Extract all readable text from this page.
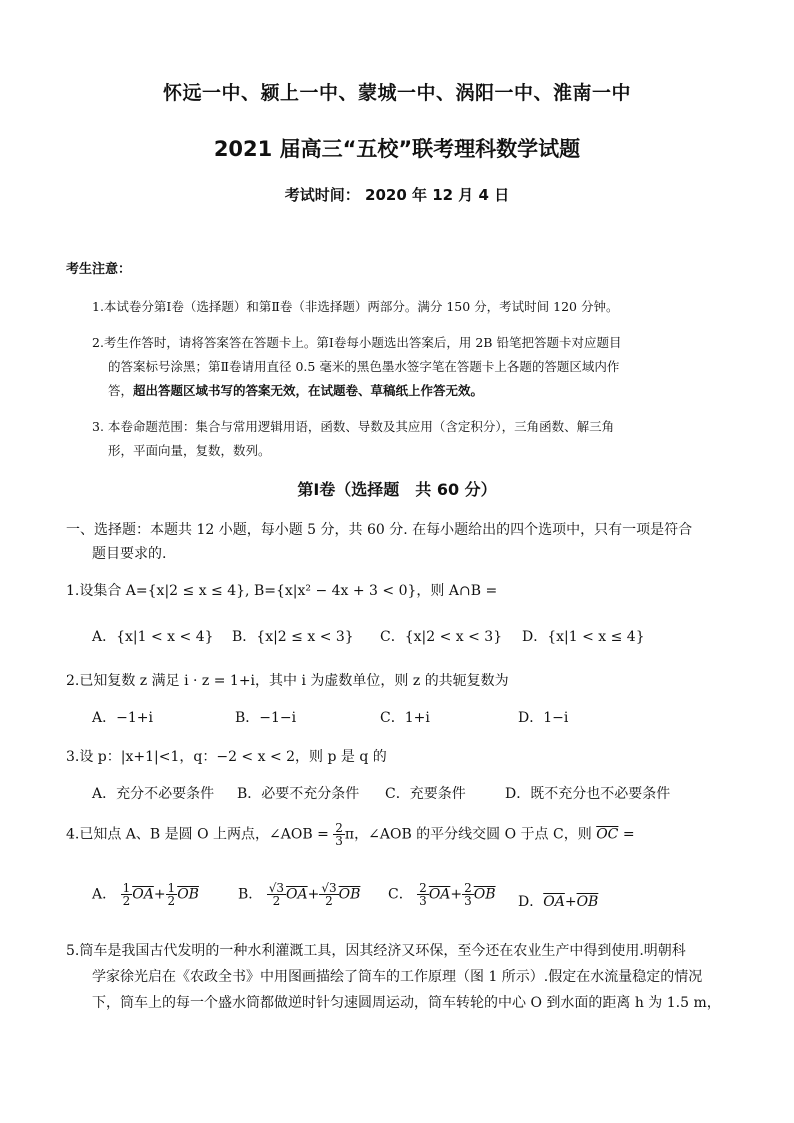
怀远一中、颍上一中、蒙城一中、涡阳一中、淮南一中
2021 届高三“五校”联考理科数学试题
考试时间： 2020 年 12 月 4 日
考生注意：
1.本试卷分第Ⅰ卷（选择题）和第Ⅱ卷（非选择题）两部分。满分 150 分，考试时间 120 分钟。
2.考生作答时，请将答案答在答题卡上。第Ⅰ卷每小题选出答案后，用 2B 铅笔把答题卡对应题目
的答案标号涂黑；第Ⅱ卷请用直径 0.5 毫米的黑色墨水签字笔在答题卡上各题的答题区域内作
答，超出答题区域书写的答案无效，在试题卷、草稿纸上作答无效。
3. 本卷命题范围：集合与常用逻辑用语，函数、导数及其应用（含定积分），三角函数、解三角
形，平面向量，复数，数列。
第Ⅰ卷（选择题　共 60 分）
一、选择题：本题共 12 小题，每小题 5 分，共 60 分. 在每小题给出的四个选项中，只有一项是符合
题目要求的.
1.设集合 A={x|2 ≤ x ≤ 4}, B={x|x² − 4x + 3 < 0}，则 A∩B =
A．{x|1 < x < 4} B．{x|2 ≤ x < 3} C．{x|2 < x < 3} D．{x|1 < x ≤ 4}
2.已知复数 z 满足 i · z = 1+i，其中 i 为虚数单位，则 z 的共轭复数为
A．−1+i	B．−1−i	C．1+i	D．1−i
3.设 p：|x+1|<1，q：−2 < x < 2，则 p 是 q 的
A．充分不必要条件 B．必要不充分条件 C．充要条件	D．既不充分也不必要条件
4.已知点 A、B 是圆 O 上两点，∠AOB = $\frac{2}{3}$ π，∠AOB 的平分线交圆 O 于点 C，则 $\overline{OC}$ =
A． $\frac{1}{2} \overline{OA}+ \frac{1}{2} \overline{OB}$	B． $\frac{√3}{2} \overline{OA}+ \frac{√3}{2} \overline{OB}$ C． $\frac{2}{3} \overline{OA}+ \frac{2}{3} \overline{OB}$ D．$\overline{OA}+\overline{OB}$
5.筒车是我国古代发明的一种水利灌溉工具，因其经济又环保，至今还在农业生产中得到使用.明朝科
学家徐光启在《农政全书》中用图画描绘了筒车的工作原理（图 1 所示）.假定在水流量稳定的情况
下，筒车上的每一个盛水筒都做逆时针匀速圆周运动，筒车转轮的中心 O 到水面的距离 h 为 1.5 m，
